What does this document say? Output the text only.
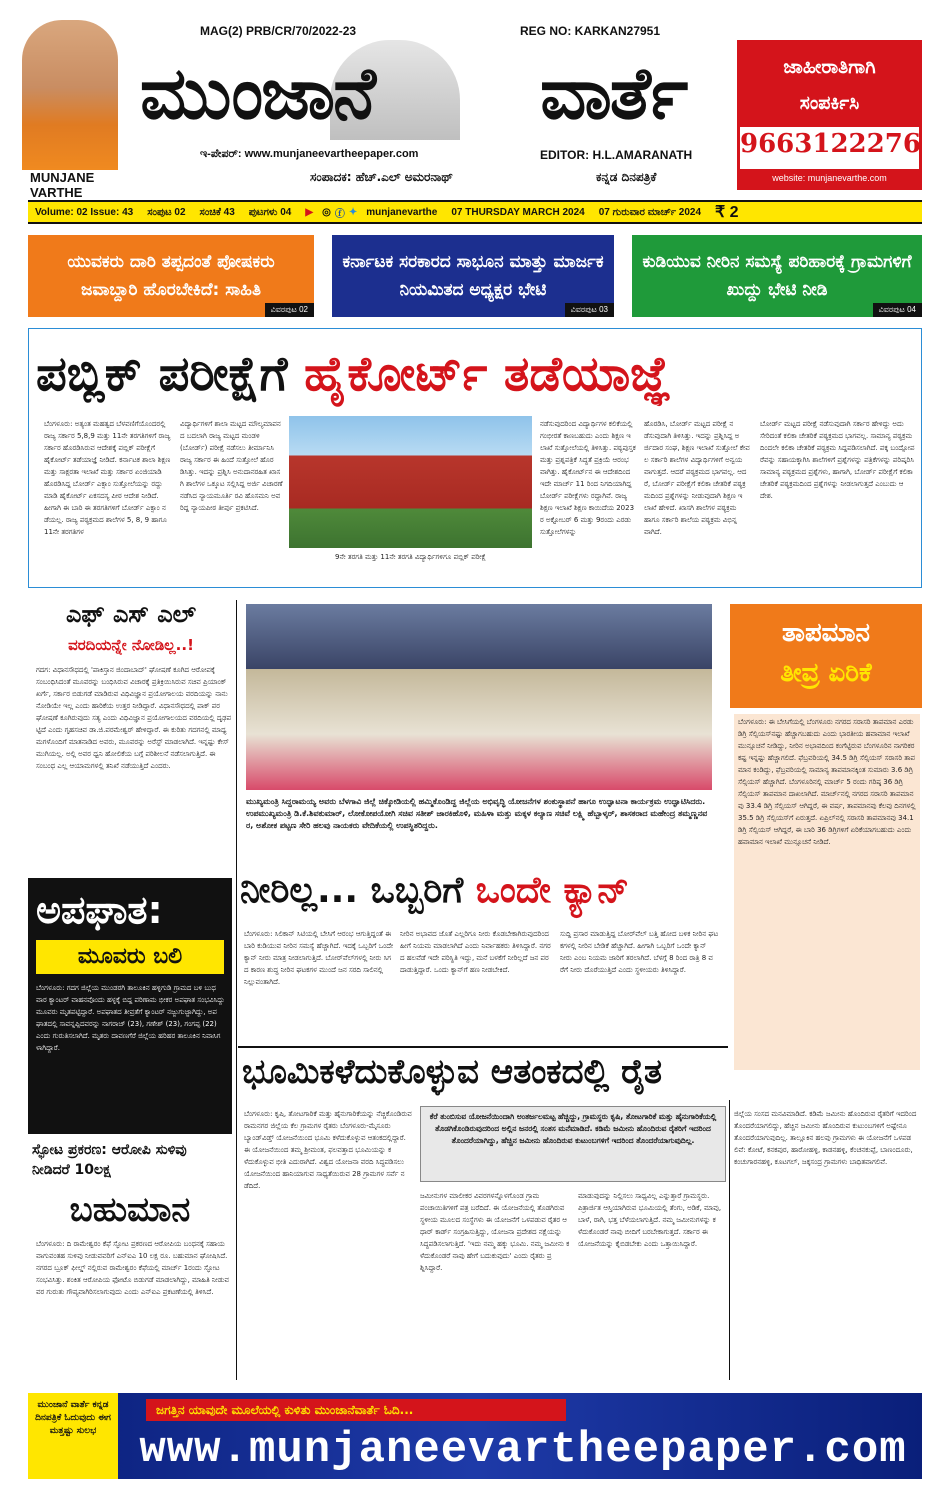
MUNJANE VARTHE
MAG(2) PRB/CR/70/2022-23	REG NO: KARKAN27951
ಮುಂಜಾನೆ ವಾರ್ತೆ
ಇ-ಪೇಪರ್: www.munjaneevartheepaper.com	EDITOR: H.L.AMARANATH
ಸಂಪಾದಕ: ಹೆಚ್.ಎಲ್ ಅಮರನಾಥ್	ಕನ್ನಡ ದಿನಪತ್ರಿಕೆ
ಜಾಹೀರಾತಿಗಾಗಿ
ಸಂಪರ್ಕಿಸಿ
9663122276
website: munjanevarthe.com
Volume: 02 Issue: 43	ಸಂಪುಟ 02	ಸಂಚಿಕೆ 43	ಪುಟಗಳು 04	▶ ◎ ⓕ ✦ munjanevarthe	07 THURSDAY MARCH 2024	07 ಗುರುವಾರ ಮಾರ್ಚ್ 2024 ₹ 2
ಯುವಕರು ದಾರಿ ತಪ್ಪದಂತೆ ಪೋಷಕರು ಜವಾಬ್ದಾರಿ ಹೊರಬೇಕಿದೆ: ಸಾಹಿತಿ
ವಿವರಪುಟ 02
ಕರ್ನಾಟಕ ಸರಕಾರದ ಸಾಭೂನ ಮಾತ್ತು ಮಾರ್ಜಕ ನಿಯಮಿತದ ಅಧ್ಯಕ್ಷರ ಭೇಟಿ
ವಿವರಪುಟ 03
ಕುಡಿಯುವ ನೀರಿನ ಸಮಸ್ಯೆ ಪರಿಹಾರಕ್ಕೆ ಗ್ರಾಮಗಳಿಗೆ ಖುದ್ದು ಭೇಟಿ ನೀಡಿ
ವಿವರಪುಟ 04
ಪಬ್ಲಿಕ್ ಪರೀಕ್ಷೆಗೆ ಹೈಕೋರ್ಟ್ ತಡೆಯಾಜ್ಞೆ
ಬೆಂಗಳೂರು: ಅತ್ಯಂತ ಮಹತ್ವದ ಬೆಳವಣಿಗೆಯೊಂದರಲ್ಲಿ ರಾಜ್ಯ ಸರ್ಕಾರ 5,8,9 ಮತ್ತು 11ನೇ ತರಗತಿಗಳಿಗೆ ರಾಜ್ಯ ಸರ್ಕಾರ ಹೊರಡಿಸಿರುವ ಆದೇಶಕ್ಕೆ ಪಬ್ಲಿಕ್ ಪರೀಕ್ಷೆಗೆ ಹೈಕೋರ್ಟ್ ತಡೆಯಾಜ್ಞೆ ನೀಡಿದೆ. ಕರ್ನಾಟಕ ಶಾಲಾ ಶಿಕ್ಷಣ ಮತ್ತು ಸಾಕ್ಷರತಾ ಇಲಾಖೆ ಮತ್ತು ಸರ್ಕಾರ ಏಂಜಿಯಾಡಿ ಹೊರಡಿಸಿದ್ದ ಬೋರ್ಡ್ ಎಕ್ಸಾಂ ಸುತ್ತೋಲೆಯನ್ನು ರದ್ದು ಮಾಡಿ ಹೈಕೋರ್ಟ್ ಏಕಸದಸ್ಯ ಪೀಠ ಆದೇಶ ನೀಡಿದೆ. ಹೀಗಾಗಿ ಈ ಬಾರಿ ಈ ತರಗತಿಗಳಿಗೆ ಬೋರ್ಡ್ ಎಕ್ಸಾಂ ನಡೆಯಲ್ಲ. ರಾಜ್ಯ ಪಠ್ಯಕ್ರಮದ ಶಾಲೆಗಳ 5, 8, 9 ಹಾಗೂ 11ನೇ ತರಗತಿಗಳ
ವಿದ್ಯಾರ್ಥಿಗಳಿಗೆ ಶಾಲಾ ಮಟ್ಟದ ಮೌಲ್ಯಮಾಪನದ ಬದಲಾಗಿ ರಾಜ್ಯ ಮಟ್ಟದ ಮಂಡಳಿ (ಬೋರ್ಡ್) ಪರೀಕ್ಷೆ ನಡೆಸಲು ತೀರ್ಮಾನಿಸಿ ರಾಜ್ಯ ಸರ್ಕಾರ ಈ ಹಿಂದೆ ಸುತ್ತೋಲೆ ಹೊರಡಿಸಿತ್ತು. ಇದನ್ನು ಪ್ರಶ್ನಿಸಿ ಅನುದಾನರಹಿತ ಖಾಸಗಿ ಶಾಲೆಗಳ ಒಕ್ಕೂಟ ಸಲ್ಲಿಸಿದ್ದ ಅರ್ಜಿ ವಿಚಾರಣೆ ನಡೆಸಿದ ನ್ಯಾಯಮೂರ್ತಿ ರವಿ ಹೊಸಮನಿ ಅವರಿದ್ದ ನ್ಯಾಯಪೀಠ ತೀರ್ಪು ಪ್ರಕಟಿಸಿದೆ.
9ನೇ ತರಗತಿ ಮತ್ತು 11ನೇ ತರಗತಿ ವಿದ್ಯಾರ್ಥಿಗಳಿಗೂ ಪಬ್ಲಿಕ್ ಪರೀಕ್ಷೆ
ನಡೆಸುವುದರಿಂದ ವಿದ್ಯಾರ್ಥಿಗಳ ಕಲಿಕೆಯಲ್ಲಿ ಗಂಭೀರತೆ ಕಾಣಬಹುದು ಎಂದು ಶಿಕ್ಷಣ ಇಲಾಖೆ ಸುತ್ತೋಲೆಯಲ್ಲಿ ತಿಳಿಸಿತ್ತು. ಪಠ್ಯಪುಸ್ತಕ ಮತ್ತು ಪ್ರಶ್ನಪತ್ರಿಕೆ ಸಿದ್ಧತೆ ಪ್ರಕ್ರಿಯೆ ಆರಂಭವಾಗಿತ್ತು. ಹೈಕೋರ್ಟ್‌ನ ಈ ಆದೇಶದಿಂದ ಇದೇ ಮಾರ್ಚ್ 11 ರಿಂದ ನಿಗದಿಯಾಗಿದ್ದ ಬೋರ್ಡ್ ಪರೀಕ್ಷೆಗಳು ರದ್ದಾಗಿವೆ. ರಾಜ್ಯ ಶಿಕ್ಷಣ ಇಲಾಖೆ ಶಿಕ್ಷಣ ಕಾಯಿದೆಯ 2023ರ ಅಕ್ಟೋಬರ್ 6 ಮತ್ತು 9ರಂದು ಎರಡು ಸುತ್ತೋಲೆಗಳನ್ನು
ಹೊರಡಿಸಿ, ಬೋರ್ಡ್ ಮಟ್ಟದ ಪರೀಕ್ಷೆ ನಡೆಸುವುದಾಗಿ ತಿಳಿಸಿತ್ತು. ಇದನ್ನು ಪ್ರಶ್ನಿಸಿದ್ದ ಅರ್ಜಿದಾರ ಸಂಘ, ಶಿಕ್ಷಣ ಇಲಾಖೆ ಸುತ್ತೋಲೆ ಕೇವಲ ಸರ್ಕಾರಿ ಶಾಲೆಗಳ ವಿದ್ಯಾರ್ಥಿಗಳಿಗೆ ಅನ್ವಯವಾಗುತ್ತದೆ. ಆದರೆ ಪಠ್ಯಕ್ರಮದ ಭಾಗವಲ್ಲ. ಆದರೆ, ಬೋರ್ಡ್ ಪರೀಕ್ಷೆಗೆ ಕಲಿಕಾ ಚೇತರಿಕೆ ಪಠ್ಯಕ್ರಮದಿಂದ ಪ್ರಶ್ನೆಗಳನ್ನು ನೀಡುವುದಾಗಿ ಶಿಕ್ಷಣ ಇಲಾಖೆ ಹೇಳಿದೆ. ಖಾಸಗಿ ಶಾಲೆಗಳ ಪಠ್ಯಕ್ರಮ ಹಾಗೂ ಸರ್ಕಾರಿ ಶಾಲೆಯ ಪಠ್ಯಕ್ರಮ ವಿಭಿನ್ನವಾಗಿದೆ.
ಬೋರ್ಡ್ ಮಟ್ಟದ ಪರೀಕ್ಷೆ ನಡೆಸುವುದಾಗಿ ಸರ್ಕಾರ ಹೇಳಿದ್ದು ಅದು ಸೇರಿದಂತೆ ಕಲಿಕಾ ಚೇತರಿಕೆ ಪಠ್ಯಕ್ರಮದ ಭಾಗವಲ್ಲ. ಸಾಮಾನ್ಯ ಪಠ್ಯಕ್ರಮದಿಂದಲೇ ಕಲಿಕಾ ಚೇತರಿಕೆ ಪಠ್ಯಕ್ರಮ ಸಿದ್ದಪಡಿಸಲಾಗಿದೆ. ಪಕ್ಕ ಬಂದ್ಪೋಪರೆವನ್ನು ಸಹಾಯಕ್ಕಾಗಿಸಿ ಶಾಲೆಗಳಿಗೆ ಪ್ರಶ್ನೆಗಳನ್ನು ಪತ್ರಿಕೆಗಳನ್ನು ಪರಿಷ್ಕರಿಸಿ ಸಾಮಾನ್ಯ ಪಠ್ಯಕ್ರಮದ ಪ್ರಶ್ನೆಗಳು, ಹಾಗಾಗಿ, ಬೋರ್ಡ್ ಪರೀಕ್ಷೆಗೆ ಕಲಿಕಾ ಚೇತರಿಕೆ ಪಠ್ಯಕ್ರಮದಿಂದ ಪ್ರಶ್ನೆಗಳನ್ನು ನೀಡಲಾಗುತ್ತದೆ ಎಂಬುದು ಆದೇಶ.
ಎಫ್ ಎಸ್ ಎಲ್
ವರದಿಯನ್ನೇ ನೋಡಿಲ್ಲ..!
ಗದಗ: ವಿಧಾನಸೌಧದಲ್ಲಿ 'ಪಾಕಿಸ್ತಾನ ಜಿಂದಾಬಾದ್' ಘೋಷಣೆ ಕೂಗಿದ ಆರೋಪಕ್ಕೆ ಸಂಬಂಧಿಸಿದಂತೆ ಮೂವರನ್ನು ಬಂಧಿಸಿರುವ ವಿಚಾರಕ್ಕೆ ಪ್ರತಿಕ್ರಿಯಿಸಿರುವ ಸಚಿವ ಪ್ರಿಯಾಂಕ್ ಖರ್ಗೆ, ಸರ್ಕಾರ ಬಿಡುಗಡೆ ಮಾಡಿರುವ ವಿಧಿವಿಜ್ಞಾನ ಪ್ರಯೋಗಾಲಯ ವರದಿಯನ್ನು ನಾನು ನೋಡಿಯೇ ಇಲ್ಲ ಎಂದು ಹಾರಿಕೆಯ ಉತ್ತರ ನೀಡಿದ್ದಾರೆ. ವಿಧಾನಸೌಧದಲ್ಲಿ ಪಾಕ್ ಪರ ಘೋಷಣೆ ಕೂಗಿರುವುದು ಸತ್ಯ ಎಂದು ವಿಧಿವಿಜ್ಞಾನ ಪ್ರಯೋಗಾಲಯದ ವರದಿಯಲ್ಲಿ ದೃಢಪಟ್ಟಿದೆ ಎಂದು ಗೃಹಸಚಿವ ಡಾ.ಜಿ.ಪರಮೇಶ್ವರ್ ಹೇಳಿದ್ದಾರೆ. ಈ ಕುರಿತು ಗದಗನಲ್ಲಿ ಮಾಧ್ಯಮಗಳೊಂದಿಗೆ ಮಾತನಾಡಿದ ಅವರು, ಮೂವರನ್ನು ಅರೆಸ್ಟ್ ಮಾಡಲಾಗಿದೆ. ಇನ್ನಷ್ಟು ಕೇಸ್ ಮುಗಿಯಲ್ಲ. ಅಲ್ಲಿ ಅವರ ಧ್ವನಿ ಹೋಲಿಕೆಯ ಬಗ್ಗೆ ಪರಿಶೀಲನೆ ನಡೆಸಲಾಗುತ್ತಿದೆ. ಈ ಸಂಬಂಧ ಎಲ್ಲ ಆಯಾಮಗಳಲ್ಲಿ ತನಿಖೆ ನಡೆಯುತ್ತಿದೆ ಎಂದರು.
ಅಪಘಾತ:
ಮೂವರು ಬಲಿ
ಬೆಂಗಳೂರು: ಗದಗ ಜಿಲ್ಲೆಯ ಮುಂಡರಗಿ ತಾಲೂಕಿನ ಹಳ್ಳಿಗುಡಿ ಗ್ರಾಮದ ಬಳಿ ಬುಧವಾರ ಕ್ಯಾಂಟರ್ ವಾಹನವೊಂದು ಹಳ್ಳಕ್ಕೆ ಬಿದ್ದ ಪರಿಣಾಮ ಭೀಕರ ಅಪಘಾತ ಸಂಭವಿಸಿದ್ದು ಮೂವರು ಮೃತಪಟ್ಟಿದ್ದಾರೆ. ಅಪಘಾತದ ತೀವ್ರತೆಗೆ ಕ್ಯಾಂಟರ್ ನಜ್ಜುಗುಜ್ಜಾಗಿದ್ದು, ಅಪಘಾತದಲ್ಲಿ ಸಾವನ್ನಪ್ಪಿದವರನ್ನು ನಾಗರಾಜ್ (23), ಗಣೇಶ್ (23), ಗಂಗಪ್ಪ (22) ಎಂದು ಗುರುತಿಸಲಾಗಿದೆ. ಮೃತರು ದಾವಣಗೆರೆ ಜಿಲ್ಲೆಯ ಹರಿಹರ ತಾಲೂಕಿನ ನಿವಾಸಿಗಳಾಗಿದ್ದಾರೆ.
ಸ್ಫೋಟ ಪ್ರಕರಣ: ಆರೋಪಿ ಸುಳಿವು ನೀಡಿದರೆ 10ಲಕ್ಷ
ಬಹುಮಾನ
ಬೆಂಗಳೂರು: ದಿ ರಾಮೇಶ್ವರಂ ಕೆಫೆ ಸ್ಫೋಟ ಪ್ರಕರಣದ ಆರೋಪಿಯ ಬಂಧನಕ್ಕೆ ಸಹಾಯವಾಗುವಂತಹ ಸುಳಿವು ನೀಡುವವರಿಗೆ ಎನ್ಐಎ 10 ಲಕ್ಷ ರೂ. ಬಹುಮಾನ ಘೋಷಿಸಿದೆ. ನಗರದ ಬ್ರೂಕ್ ಫೀಲ್ಡ್ ನಲ್ಲಿರುವ ರಾಮೇಶ್ವರಂ ಕೆಫೆಯಲ್ಲಿ ಮಾರ್ಚ್ 1ರಂದು ಸ್ಫೋಟ ಸಂಭವಿಸಿತ್ತು. ಶಂಕಿತ ಆರೋಪಿಯ ಫೋಟೊ ಬಿಡುಗಡೆ ಮಾಡಲಾಗಿದ್ದು, ಮಾಹಿತಿ ನೀಡುವವರ ಗುರುತು ಗೌಪ್ಯವಾಗಿರಿಸಲಾಗುವುದು ಎಂದು ಎನ್ಐಎ ಪ್ರಕಟಣೆಯಲ್ಲಿ ತಿಳಿಸಿದೆ.
ಮುಖ್ಯಮಂತ್ರಿ ಸಿದ್ದರಾಮಯ್ಯ ಅವರು ಬೆಳಗಾವಿ ಜಿಲ್ಲೆ ಚಿಕ್ಕೋಡಿಯಲ್ಲಿ ಹಮ್ಮಿಕೊಂಡಿದ್ದ ಜಿಲ್ಲೆಯ ಅಭಿವೃದ್ಧಿ ಯೋಜನೆಗಳ ಶಂಕುಸ್ಥಾಪನೆ ಹಾಗೂ ಉದ್ಘಾಟನಾ ಕಾರ್ಯಕ್ರಮ ಉದ್ಘಾಟಿಸಿದರು. ಉಪಮುಖ್ಯಮಂತ್ರಿ ಡಿ.ಕೆ.ಶಿವಕುಮಾರ್, ಲೋಕೋಪಯೋಗಿ ಸಚಿವ ಸತೀಶ್ ಜಾರಕಿಹೊಳಿ, ಮಹಿಳಾ ಮತ್ತು ಮಕ್ಕಳ ಕಲ್ಯಾಣ ಸಚಿವೆ ಲಕ್ಷ್ಮಿ ಹೆಬ್ಬಾಳ್ಕರ್, ಶಾಸಕರಾದ ಮಹೇಂದ್ರ ತಮ್ಮಣ್ಣನವರ, ಅಶೋಕ ಪಟ್ಟಣ ಸೇರಿ ಹಲವು ನಾಯಕರು ವೇದಿಕೆಯಲ್ಲಿ ಉಪಸ್ಥಿತರಿದ್ದರು.
ತಾಪಮಾನ
ತೀವ್ರ ಏರಿಕೆ
ಬೆಂಗಳೂರು: ಈ ಬೇಸಿಗೆಯಲ್ಲಿ ಬೆಂಗಳೂರು ನಗರದ ಸರಾಸರಿ ತಾಪಮಾನ ಎರಡು ಡಿಗ್ರಿ ಸೆಲ್ಸಿಯಸ್‌ನಷ್ಟು ಹೆಚ್ಚಾಗಬಹುದು ಎಂದು ಭಾರತೀಯ ಹವಾಮಾನ ಇಲಾಖೆ ಮುನ್ಸೂಚನೆ ನೀಡಿದ್ದು, ನೀರಿನ ಅಭಾವದಿಂದ ಕಂಗೆಟ್ಟಿರುವ ಬೆಂಗಳೂರಿನ ನಾಗರಿಕರ ಕಷ್ಟ ಇನ್ನಷ್ಟು ಹೆಚ್ಚಾಗಲಿದೆ. ಫೆಬ್ರವರಿಯಲ್ಲಿ 34.5 ಡಿಗ್ರಿ ಸೆಲ್ಸಿಯಸ್ ಸರಾಸರಿ ತಾಪಮಾನ ಕಂಡಿದ್ದು, ಫೆಬ್ರವರಿಯಲ್ಲಿ ಸಾಮಾನ್ಯ ತಾಪಮಾನಕ್ಕಿಂತ ಸುಮಾರು 3.6 ಡಿಗ್ರಿ ಸೆಲ್ಸಿಯಸ್ ಹೆಚ್ಚಾಗಿದೆ. ಬೆಂಗಳೂರಿನಲ್ಲಿ ಮಾರ್ಚ್ 5 ರಂದು ಗರಿಷ್ಠ 36 ಡಿಗ್ರಿ ಸೆಲ್ಸಿಯಸ್ ತಾಪಮಾನ ದಾಖಲಾಗಿದೆ. ಮಾರ್ಚ್‌ನಲ್ಲಿ ನಗರದ ಸರಾಸರಿ ತಾಪಮಾನವು 33.4 ಡಿಗ್ರಿ ಸೆಲ್ಸಿಯಸ್ ಆಗಿದ್ದರೆ, ಈ ವರ್ಷ, ತಾಪಮಾನವು ಕೆಲವು ದಿನಗಳಲ್ಲಿ 35.5 ಡಿಗ್ರಿ ಸೆಲ್ಸಿಯಸ್‌ಗೆ ಏರುತ್ತದೆ. ಏಪ್ರಿಲ್‌ನಲ್ಲಿ ಸರಾಸರಿ ತಾಪಮಾನವು 34.1 ಡಿಗ್ರಿ ಸೆಲ್ಸಿಯಸ್ ಆಗಿದ್ದರೆ, ಈ ಬಾರಿ 36 ಡಿಗ್ರಿಗಳಿಗೆ ಏರಿಕೆಯಾಗಬಹುದು ಎಂದು ಹವಾಮಾನ ಇಲಾಖೆ ಮುನ್ಸೂಚನೆ ನೀಡಿದೆ.
ನೀರಿಲ್ಲ... ಒಬ್ಬರಿಗೆ ಒಂದೇ ಕ್ಯಾನ್
ಬೆಂಗಳೂರು: ಸಿಲಿಕಾನ್ ಸಿಟಿಯಲ್ಲಿ ಬೇಸಿಗೆ ಆರಂಭ ಆಗುತ್ತಿದ್ದಂತೆ ಈ ಬಾರಿ ಕುಡಿಯುವ ನೀರಿನ ಸಮಸ್ಯೆ ಹೆಚ್ಚಾಗಿದೆ. ಇದಕ್ಕೆ ಒಬ್ಬರಿಗೆ ಒಂದೇ ಕ್ಯಾನ್ ನೀರು ಮಾತ್ರ ನೀಡಲಾಗುತ್ತಿದೆ. ಬೋರ್‌ವೆಲ್‌ಗಳಲ್ಲಿ ನೀರು ಸಿಗದ ಕಾರಣ ಶುದ್ಧ ನೀರಿನ ಘಟಕಗಳ ಮುಂದೆ ಜನ ಸರದಿ ಸಾಲಿನಲ್ಲಿ ನಿಲ್ಲುವಂತಾಗಿದೆ.
ನೀರಿನ ಅಭಾವದ ಜೊತೆ ಎಲ್ಲರಿಗೂ ನೀರು ಕೊಡಬೇಕಾಗಿರುವುದರಿಂದ ಹೀಗೆ ನಿಯಮ ಮಾಡಲಾಗಿದೆ ಎಂದು ನಿರ್ವಾಹಕರು ತಿಳಿಸಿದ್ದಾರೆ. ನಗರದ ಹಲವೆಡೆ ಇದೇ ಪರಿಸ್ಥಿತಿ ಇದ್ದು, ಮನೆ ಬಳಕೆಗೆ ನೀರಿಲ್ಲದೆ ಜನ ಪರದಾಡುತ್ತಿದ್ದಾರೆ. ಒಂದು ಕ್ಯಾನ್‌ಗೆ ಹಣ ನೀಡಬೇಕಿದೆ.
ಸುದ್ದಿ ಪ್ರಸಾರ ಮಾಡುತ್ತಿದ್ದ ಬೋರ್‌ವೆಲ್ ಬತ್ತಿ ಹೋದ ಬಳಿಕ ನೀರಿನ ಘಟಕಗಳಲ್ಲಿ ನೀರಿನ ಬೇಡಿಕೆ ಹೆಚ್ಚಾಗಿದೆ. ಹೀಗಾಗಿ ಒಬ್ಬರಿಗೆ ಒಂದೇ ಕ್ಯಾನ್ ನೀರು ಎಂಬ ನಿಯಮ ಜಾರಿಗೆ ತರಲಾಗಿದೆ. ಬೆಳಗ್ಗೆ 8 ರಿಂದ ರಾತ್ರಿ 8 ವರೆಗೆ ನೀರು ದೊರೆಯುತ್ತಿದೆ ಎಂದು ಸ್ಥಳೀಯರು ತಿಳಿಸಿದ್ದಾರೆ.
ಭೂಮಿಕಳೆದುಕೊಳ್ಳುವ ಆತಂಕದಲ್ಲಿ ರೈತ
ಬೆಂಗಳೂರು: ಕೃಷಿ, ತೋಟಗಾರಿಕೆ ಮತ್ತು ಹೈನುಗಾರಿಕೆಯನ್ನು ನೆಚ್ಚಿಕೊಂಡಿರುವ ರಾಮನಗರ ಜಿಲ್ಲೆಯ ಕೆಲ ಗ್ರಾಮಗಳ ರೈತರು ಬೆಂಗಳೂರು-ಮೈಸೂರು ಬ್ಯಾಂಡ್‌ವಿಡ್ತ್ ಯೋಜನೆಯಿಂದ ಭೂಮಿ ಕಳೆದುಕೊಳ್ಳುವ ಆತಂಕದಲ್ಲಿದ್ದಾರೆ. ಈ ಯೋಜನೆಯಿಂದ ತಮ್ಮ ಶ್ರೀಮಂತ, ಫಲವತ್ತಾದ ಭೂಮಿಯನ್ನು ಕಳೆದುಕೊಳ್ಳುವ ಭೀತಿ ಎದುರಾಗಿದೆ. ವಿಶ್ವದ ಯೋಜನಾ ವರದಿ ಸಿದ್ಧಪಡಿಸಲು ಯೋಜನೆಯಿಂದ ಹಾನಿಯಾಗುವ ಸಾಧ್ಯತೆಯಿರುವ 28 ಗ್ರಾಮಗಳ ಸರ್ವೆ ನಡೆದಿದೆ.
ಕೆರೆ ತುಂಬಿಸುವ ಯೋಜನೆಯಿಂದಾಗಿ ಅಂತರ್ಜಲಮಟ್ಟ ಹೆಚ್ಚಿದ್ದು, ಗ್ರಾಮಸ್ಥರು ಕೃಷಿ, ತೋಟಗಾರಿಕೆ ಮತ್ತು ಹೈನುಗಾರಿಕೆಯಲ್ಲಿ ತೊಡಗಿಕೊಂಡಿರುವುದರಿಂದ ಅಲ್ಲಿನ ಜನರಲ್ಲಿ ಸಂತಸ ಮನೆಮಾಡಿದೆ. ಕಡಿಮೆ ಜಮೀನು ಹೊಂದಿರುವ ರೈತರಿಗೆ ಇದರಿಂದ ತೊಂದರೆಯಾಗಿದ್ದು, ಹೆಚ್ಚಿನ ಜಮೀನು ಹೊಂದಿರುವ ಕುಟುಂಬಗಳಿಗೆ ಇದರಿಂದ ತೊಂದರೆಯಾಗುವುದಿಲ್ಲ.
ಜಮೀನುಗಳ ಮಾಲೀಕರ ವಿವರಗಳನ್ನೊಳಗೊಂಡ ಗ್ರಾಮ ಪಂಚಾಯಿತಿಗಳಿಗೆ ಪತ್ರ ಬರೆದಿದೆ. ಈ ಯೋಜನೆಯಲ್ಲಿ ತೊಡಗಿರುವ ಸ್ಥಳೀಯ ಮೂಲದ ಸಂಸ್ಥೆಗಳು ಈ ಯೋಜನೆಗೆ ಒಳಪಡುವ ರೈತರ ಆಧಾರ್ ಕಾರ್ಡ್ ಸಂಗ್ರಹಿಸುತ್ತಿದ್ದು, ಯೋಜನಾ ಪ್ರದೇಶದ ನಕ್ಷೆಯನ್ನು ಸಿದ್ಧಪಡಿಸಲಾಗುತ್ತಿದೆ. 'ಇದು ನಮ್ಮ ಹಕ್ಕು ಭೂಮಿ. ನಮ್ಮ ಜಮೀನು ಕಳೆದುಕೊಂಡರೆ ನಾವು ಹೇಗೆ ಬದುಕುವುದು' ಎಂದು ರೈತರು ಪ್ರಶ್ನಿಸಿದ್ದಾರೆ.
ಮಾಡುವುದನ್ನು ನಿಲ್ಲಿಸಲು ಸಾಧ್ಯವಿಲ್ಲ ಎನ್ನುತ್ತಾರೆ ಗ್ರಾಮಸ್ಥರು. ಪಿತ್ರಾರ್ಜಿತ ಆಸ್ತಿಯಾಗಿರುವ ಭೂಮಿಯಲ್ಲಿ ತೆಂಗು, ಅಡಿಕೆ, ಮಾವು, ಬಾಳೆ, ರಾಗಿ, ಭತ್ತ ಬೆಳೆಯಲಾಗುತ್ತಿದೆ. ನಮ್ಮ ಜಮೀನುಗಳನ್ನು ಕಳೆದುಕೊಂಡರೆ ನಾವು ಬೀದಿಗೆ ಬರಬೇಕಾಗುತ್ತದೆ. ಸರ್ಕಾರ ಈ ಯೋಜನೆಯನ್ನು ಕೈಬಿಡಬೇಕು ಎಂದು ಒತ್ತಾಯಿಸಿದ್ದಾರೆ.
ಜಿಲ್ಲೆಯ ಸಂಸದ ಮನವಿಮಾಡಿದೆ. ಕಡಿಮೆ ಜಮೀನು ಹೊಂದಿರುವ ರೈತರಿಗೆ ಇದರಿಂದ ತೊಂದರೆಯಾಗಲಿದ್ದು, ಹೆಚ್ಚಿನ ಜಮೀನು ಹೊಂದಿರುವ ಕುಟುಂಬಗಳಿಗೆ ಅಷ್ಟೇನೂ ತೊಂದರೆಯಾಗುವುದಿಲ್ಲ. ತಾಲ್ಲೂಕಿನ ಹಲವು ಗ್ರಾಮಗಳು ಈ ಯೋಜನೆಗೆ ಒಳಪಡಲಿವೆ: ಕೋಟೆ, ಕನಕಪುರ, ಹಾರೋಹಳ್ಳಿ, ಕಾಡನಹಳ್ಳಿ, ಕೆಂಚನಕುಪ್ಪೆ, ಬಾಣಂದೂರು, ಕಂಚುಗಾರನಹಳ್ಳಿ, ಕೂಟಗಲ್, ಜಕ್ಕಸಂದ್ರ ಗ್ರಾಮಗಳು ಬಾಧಿತವಾಗಲಿವೆ.
ಮುಂಜಾನೆ ವಾರ್ತೆ ಕನ್ನಡ ದಿನಪತ್ರಿಕೆ ಓದುವುದು ಈಗ ಮತ್ತಷ್ಟು ಸುಲಭ
ಜಗತ್ತಿನ ಯಾವುದೇ ಮೂಲೆಯಲ್ಲಿ ಕುಳಿತು ಮುಂಜಾನೆವಾರ್ತೆ ಓದಿ...
www.munjaneevartheepaper.com
